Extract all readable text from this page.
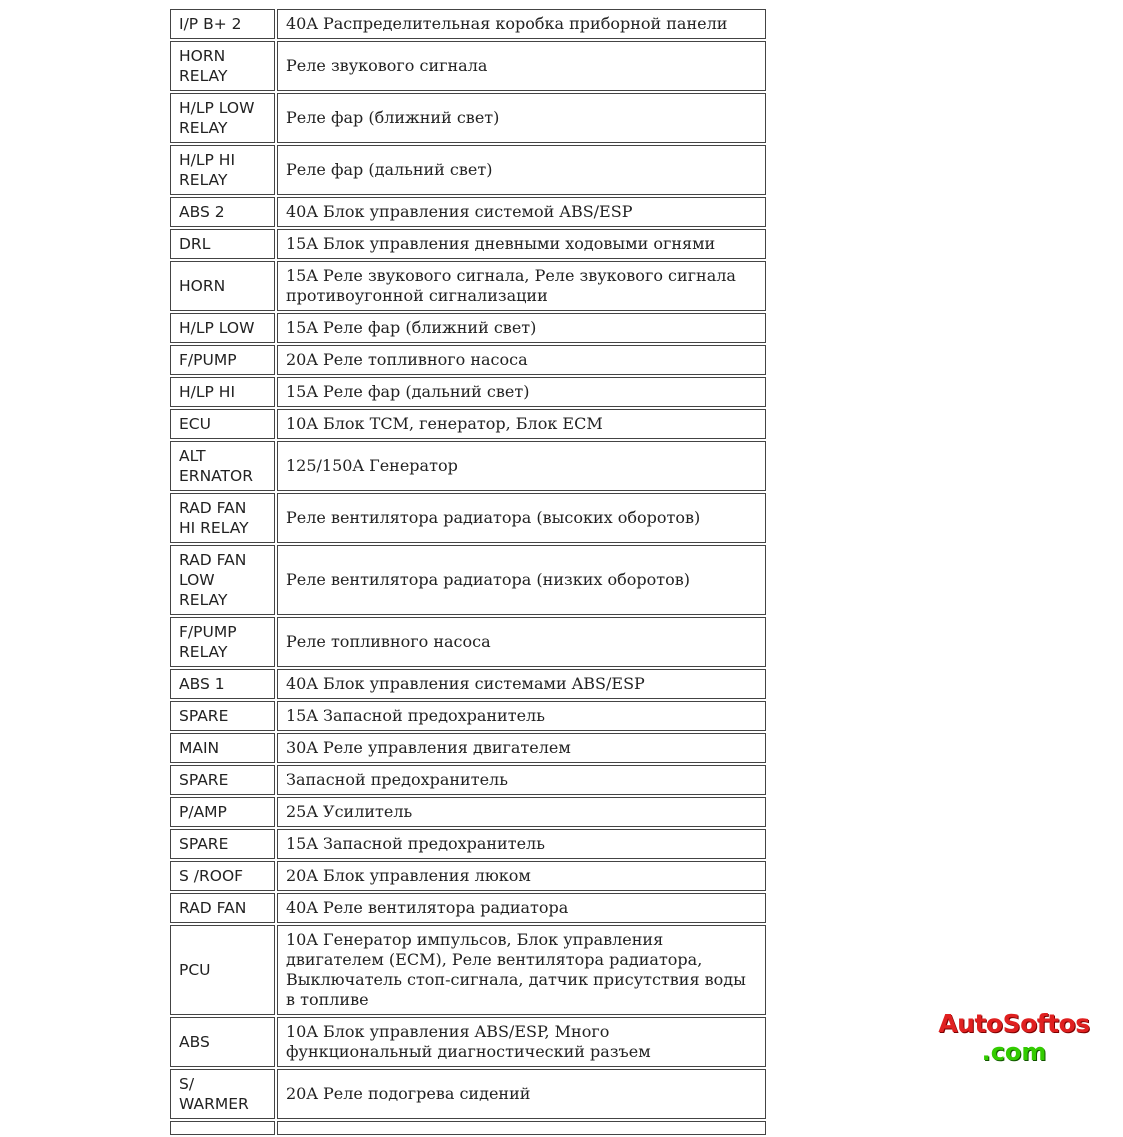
I/P B+ 2	40A Распределительная коробка приборной панели
HORN RELAY	Реле звукового сигнала
H/LP LOW RELAY	Реле фар (ближний свет)
H/LP HI RELAY	Реле фар (дальний свет)
ABS 2	40A Блок управления системой ABS/ESP
DRL	15A Блок управления дневными ходовыми огнями
HORN	15A Реле звукового сигнала, Реле звукового сигнала противоугонной сигнализации
H/LP LOW	15A Реле фар (ближний свет)
F/PUMP	20A Реле топливного насоса
H/LP HI	15A Реле фар (дальний свет)
ECU	10A Блок TCM, генератор, Блок ECM
ALT ERNATOR	125/150A Генератор
RAD FAN HI RELAY	Реле вентилятора радиатора (высоких оборотов)
RAD FAN LOW RELAY	Реле вентилятора радиатора (низких оборотов)
F/PUMP RELAY	Реле топливного насоса
ABS 1	40A Блок управления системами ABS/ESP
SPARE	15A Запасной предохранитель
MAIN	30A Реле управления двигателем
SPARE	Запасной предохранитель
P/AMP	25A Усилитель
SPARE	15A Запасной предохранитель
S /ROOF	20A Блок управления люком
RAD FAN	40A Реле вентилятора радиатора
PCU	10A Генератор импульсов, Блок управления двигателем (ECM), Реле вентилятора радиатора, Выключатель стоп-сигнала, датчик присутствия воды в топливе
ABS	10A Блок управления ABS/ESP, Много функциональный диагностический разъем
S/ WARMER	20A Реле подогрева сидений

AutoSoftos
.com
